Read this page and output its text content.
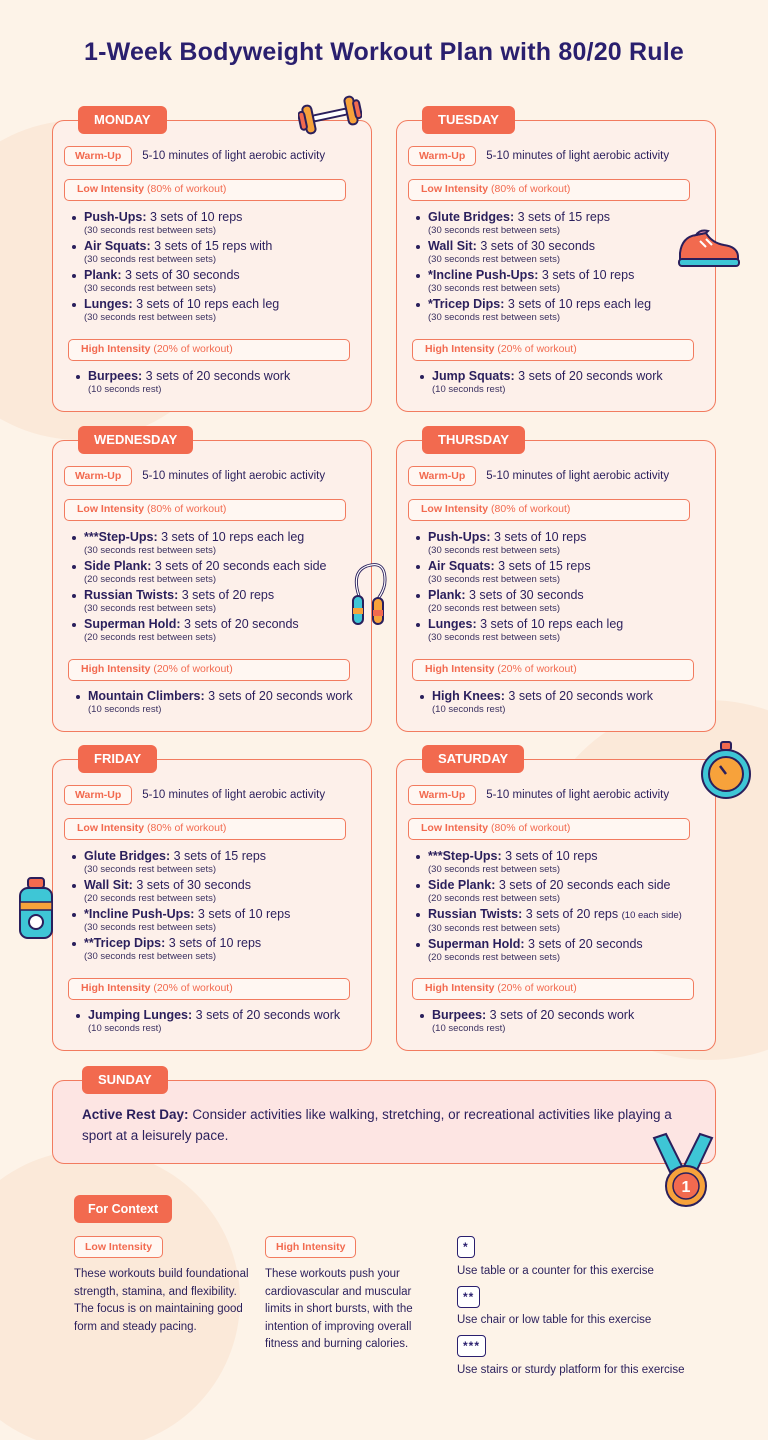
1-Week Bodyweight Workout Plan with 80/20 Rule
MONDAY
Warm-Up	5-10 minutes of light aerobic activity
Low Intensity (80% of workout)
Push-Ups: 3 sets of 10 reps
(30 seconds rest between sets)
Air Squats: 3 sets of 15 reps with
(30 seconds rest between sets)
Plank: 3 sets of 30 seconds
(30 seconds rest between sets)
Lunges: 3 sets of 10 reps each leg
(30 seconds rest between sets)
High Intensity (20% of workout)
Burpees: 3 sets of 20 seconds work
(10 seconds rest)
TUESDAY
Warm-Up	5-10 minutes of light aerobic activity
Low Intensity (80% of workout)
Glute Bridges: 3 sets of 15 reps
(30 seconds rest between sets)
Wall Sit: 3 sets of 30 seconds
(30 seconds rest between sets)
*Incline Push-Ups: 3 sets of 10 reps
(30 seconds rest between sets)
*Tricep Dips: 3 sets of 10 reps each leg
(30 seconds rest between sets)
High Intensity (20% of workout)
Jump Squats: 3 sets of 20 seconds work
(10 seconds rest)
WEDNESDAY
Warm-Up	5-10 minutes of light aerobic activity
Low Intensity (80% of workout)
***Step-Ups: 3 sets of 10 reps each leg
(30 seconds rest between sets)
Side Plank: 3 sets of 20 seconds each side
(20 seconds rest between sets)
Russian Twists: 3 sets of 20 reps
(30 seconds rest between sets)
Superman Hold: 3 sets of 20 seconds
(20 seconds rest between sets)
High Intensity (20% of workout)
Mountain Climbers: 3 sets of 20 seconds work
(10 seconds rest)
THURSDAY
Warm-Up	5-10 minutes of light aerobic activity
Low Intensity (80% of workout)
Push-Ups: 3 sets of 10 reps
(30 seconds rest between sets)
Air Squats: 3 sets of 15 reps
(30 seconds rest between sets)
Plank: 3 sets of 30 seconds
(20 seconds rest between sets)
Lunges: 3 sets of 10 reps each leg
(30 seconds rest between sets)
High Intensity (20% of workout)
High Knees: 3 sets of 20 seconds work
(10 seconds rest)
FRIDAY
Warm-Up	5-10 minutes of light aerobic activity
Low Intensity (80% of workout)
Glute Bridges: 3 sets of 15 reps
(30 seconds rest between sets)
Wall Sit: 3 sets of 30 seconds
(20 seconds rest between sets)
*Incline Push-Ups: 3 sets of 10 reps
(30 seconds rest between sets)
**Tricep Dips: 3 sets of 10 reps
(30 seconds rest between sets)
High Intensity (20% of workout)
Jumping Lunges: 3 sets of 20 seconds work
(10 seconds rest)
SATURDAY
Warm-Up	5-10 minutes of light aerobic activity
Low Intensity (80% of workout)
***Step-Ups: 3 sets of 10 reps
(30 seconds rest between sets)
Side Plank: 3 sets of 20 seconds each side
(20 seconds rest between sets)
Russian Twists: 3 sets of 20 reps (10 each side)
(30 seconds rest between sets)
Superman Hold: 3 sets of 20 seconds
(20 seconds rest between sets)
High Intensity (20% of workout)
Burpees: 3 sets of 20 seconds work
(10 seconds rest)
SUNDAY
Active Rest Day: Consider activities like walking, stretching, or recreational activities like playing a sport at a leisurely pace.
For Context
Low Intensity
These workouts build foundational strength, stamina, and flexibility. The focus is on maintaining good form and steady pacing.
High Intensity
These workouts push your cardiovascular and muscular limits in short bursts, with the intention of improving overall fitness and burning calories.
*
Use table or a counter for this exercise
**
Use chair or low table for this exercise
***
Use stairs or sturdy platform for this exercise
1
